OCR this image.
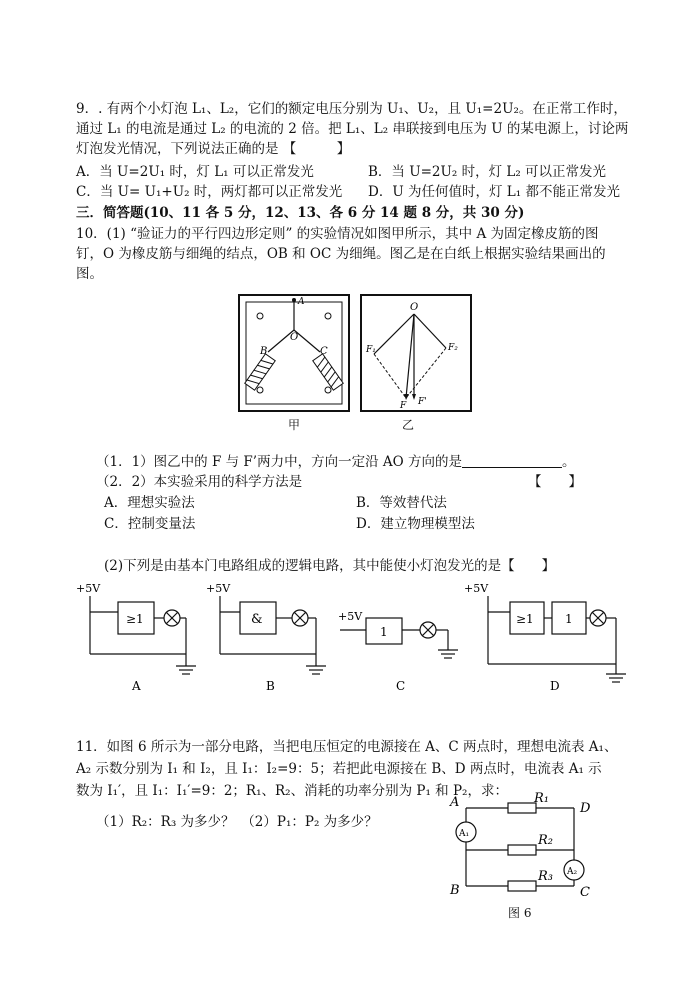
9．. 有两个小灯泡 L₁、L₂，它们的额定电压分别为 U₁、U₂，且 U₁=2U₂。在正常工作时，
通过 L₁ 的电流是通过 L₂ 的电流的 2 倍。把 L₁、L₂ 串联接到电压为 U 的某电源上，讨论两
灯泡发光情况，下列说法正确的是 【　　　】
A．当 U=2U₁ 时，灯 L₁ 可以正常发光	B．当 U=2U₂ 时，灯 L₂ 可以正常发光
C．当 U= U₁+U₂ 时，两灯都可以正常发光 D．U 为任何值时，灯 L₁ 都不能正常发光
三．简答题(10、11 各 5 分，12、13、各 6 分 14 题 8 分，共 30 分)
10．(1) “验证力的平行四边形定则” 的实验情况如图甲所示，其中 A 为固定橡皮筋的图
钉，O 为橡皮筋与细绳的结点，OB 和 OC 为细绳。图乙是在白纸上根据实验结果画出的
图。
A
O
B	C
甲
O
F₁	F₂
F F'
乙
（1．1）图乙中的 F 与 F’两力中，方向一定沿 AO 方向的是	。
（2．2）本实验采用的科学方法是	【　　】
A．理想实验法	B．等效替代法
C．控制变量法	D．建立物理模型法
(2)下列是由基本门电路组成的逻辑电路，其中能使小灯泡发光的是【　　】
+5V	+5V
+5V
+5V
≥1	&
1
≥1	1
A	B	C	D
11．如图 6 所示为一部分电路，当把电压恒定的电源接在 A、C 两点时，理想电流表 A₁、
A₂ 示数分别为 I₁ 和 I₂，且 I₁：I₂=9：5；若把此电源接在 B、D 两点时，电流表 A₁ 示
数为 I₁′，且 I₁：I₁′=9：2；R₁、R₂、消耗的功率分别为 P₁ 和 P₂，求：
（1）R₂：R₃ 为多少？　（2）P₁：P₂ 为多少？
A	D
B	C
R₁
R₂
R₃
A₁
A₂
图 6
